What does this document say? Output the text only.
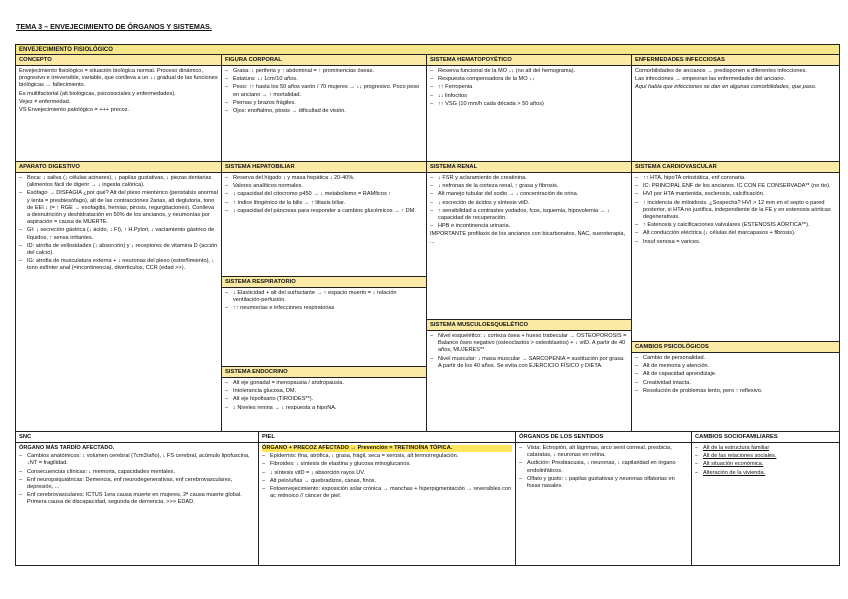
TEMA 3 – ENVEJECIMIENTO DE ÓRGANOS Y SISTEMAS.
ENVEJECIMIENTO FISIOLÓGICO
CONCEPTO

Envejecimiento fisiológico = situación biológica normal. Proceso dinámico, progresivo e irreversible, variable, que conlleva a un ↓↓ gradual de las funciones biológicas → fallecimiento.

Es multifactorial (alt biológicas, psicosociales y enfermedades).

Vejez ≠ enfermedad.

VS Envejecimiento patológico = +++ precoz.

FIGURA CORPORAL
– Grasa: ↓ periferia y ↑ abdominal = ↑ prominencias óseas.
– Estatura: ↓↓ 1cm/10 años.
– Peso: ↑↑ hasta los 50 años varón / 70 mujeres → ↓↓ progresivo. Poco peso en anciano → ↑ mortalidad.
– Piernas y brazos frágiles.
– Ojos: enoftalmo, ptosis → dificultad de visión.
SISTEMA HEMATOPOYÉTICO
– Reserva funcional de la MO ↓↓ (no alt del hemograma).
– Respuesta compensadora de la MO ↓↓
– ↑↑ Ferropenia
– ↓↓ linfocitos
– ↑↑ VSG (10 mm/h cada década > 50 años)
ENFERMEDADES INFECCIOSAS

Comorbilidades de ancianos → predisponen a diferentes infecciones.

Las infecciones → empeoran las enfermedades del anciano.

Aquí habla que infecciones se dan en algunas comorbilidades, que paso.

APARATO DIGESTIVO
– Boca: ↓ saliva (↓ células acinares), ↓ papilas gustativas, ↓ piezas dentarias (alimentos fácil de digerir → ↓ ingesta calórica).
– Esófago → DISFAGIA ¿por qué? Alt del plexo mientérico (peristalsis anormal y lenta = presbiesófago), alt de las contracciones 2arias, alt deglutoria, tono de EEI ↓ (= ↑ RGE → esofagitis, hernias, pirosis, regurgitaciones). Conlleva a desnutrición y deshidratación en 50% de los ancianos, y neumonías por aspiración = causa de MUERTE.
– GI: ↓ secreción gástrica (↓ ácido, ↓ FI), ↑ H.Pylori, ↓ vaciamiento gástrico de líquidos, ↑ sensa irritantes.
– ID: atrofia de vellosidades (↓ absorción) y ↓ receptores de vitamina D (acción del calcio).
– IG: atrofia de musculatura externa + ↓ neuronas del plexo (estreñimiento), ↓ tono esfínter anal (=incontinencia), diverticulos, CCR (edad >>).
SISTEMA HEPATOBILIAR
– Reserva del hígado ↓ y masa hepática ↓ 20-40%.
– Valores analíticos normales.
– ↓ capacidad del citocromo p450 → ↓ metabolismo = RAMficos ↑
– ↑ índice litogénico de la bilis → ↑ litiasis biliar.
– ↓ capacidad del páncreas para responder a cambios glucémicos → ↑ DM.
SISTEMA RESPIRATORIO
– ↓ Elasticidad + alt del surfactante → ↑ espacio muerto = ↓ relación ventilación-perfusión.
– ↑↑ neumonías e infecciones respiratorias
SISTEMA ENDOCRINO
– Alt eje gonadal = menopausia / andropausia.
– Intolerancia glucosa, DM.
– Alt eje hipofisario (TIROIDES**).
– ↓ Niveles renina → ↓ respuesta a hipoNA.
SISTEMA RENAL
– ↓ FSR y aclaramiento de creatinina.
– ↓ nefronas de la corteza renal, ↑ grasa y fibrosis.
– Alt manejo tubular del sodio → ↓ concentración de orina.
– ↓ excreción de ácidos y síntesis vitD.
– ↑ sensibilidad a contrastes yodados, fcos, isquemia, hipovolemia → ↓ capacidad de recuperación.
– HPB e incontinencia urinaria.

IMPORTANTE profilaxis de los ancianos con bicarbonatos, NAC, sueroterapia, ...

SISTEMA MUSCULOESQUELÉTICO
– Nivel esquelético: ↓ corteza ósea + hueso trabecular → OSTEOPOROSIS = Balance óseo negativo (osteoclastos > osteoblastos) + ↓ vitD. A partir de 40 años, MUJERES**
– Nivel muscular: ↓ masa muscular → SARCOPENIA = sustitución por grasa. A partir de los 40 años. Se evita con EJERCICIO FÍSICO y DIETA.
SISTEMA CARDIOVASCULAR
– ↑↑ HTA, hipoTA ortostática, enf coronaria.
– IC: PRINCIPAL ENF de los ancianos. IC CON FE CONSERVADA** (no tto).
– HVI por HTA mantenida, esclerosis, calcificación.
– ↑ incidencia de miloidosis. ¿Sospecha? HVI > 12 mm en el septo o pared posterior, si HTA no justifica, independiente de la FE y en estenosis aórticas degenerativas.
– ↑ Estenosis y calcificaciones valvulares (ESTENOSIS AÓRTICA**).
– Alt conducción eléctrica (↓ células del marcapasos + fibrosis).
– Insuf venosa = varices.
CAMBIOS PSICOLÓGICOS
– Cambio de personalidad.
– Alt de memoria y atención.
– Alt de capacidad aprendizaje.
– Creatividad intacta.
– Resolución de problemas lento, pero ↑ reflexivo.
SNC

ÓRGANO MÁS TARDÍO AFECTADO.

– Cambios anatómicos: ↓ volumen cerebral (7cm3/año), ↓ FS cerebral, acúmulo lipofuscina, ↓NT = fragilidad.
– Consecuencias clínicas: ↓ memoria, capacidades mentales.
– Enf neuropsiquiátricas: Demencia, enf neurodegenerativas, enf cerebrovasculares, depresión, ...
– Enf cerebrovasculares: ICTUS 1era causa muerte en mujeres, 2ª causa muerte global. Primera causa de discapacidad, segunda de demencia. >>> EDAD.
PIEL

ÓRGANO + PRECOZ AFECTADO → Prevención = TRETINOÍNA TÓPICA.

– Epidermis: fina, atrófica, ↓ grasa, frágil, seca = xerosis, alt termorregulación.
– Fibroides: ↓ síntesis de elastina y glucosa minoglucanos.
– ↓ síntesis vitD = ↓ absorción rayos UV.
– Alt pelo/uñas → quebradizos, canas, finos.
– Fotoenvejecimiento: exposición solar crónica → manchas + hiperpigmentación → reversibles con ac retinoico // cáncer de piel.
ÓRGANOS DE LOS SENTIDOS
– Vista: Ectropión, alt lágrimas, arco senil corneal, presbicia, cataratas, ↓ neuronas en retina.
– Audición: Presbiacusia, ↓ neuronas, ↓ capilaridad en órgano endolinfáticos.
– Olfato y gusto: ↓ papilas gustativas y neuronas olfatorias en fosas nasales.
CAMBIOS SOCIOFAMILIARES
– Alt de la estructura familiar
– Alt de las relaciones sociales.
– Alt situación económica.
– Alteración de la vivienda.
